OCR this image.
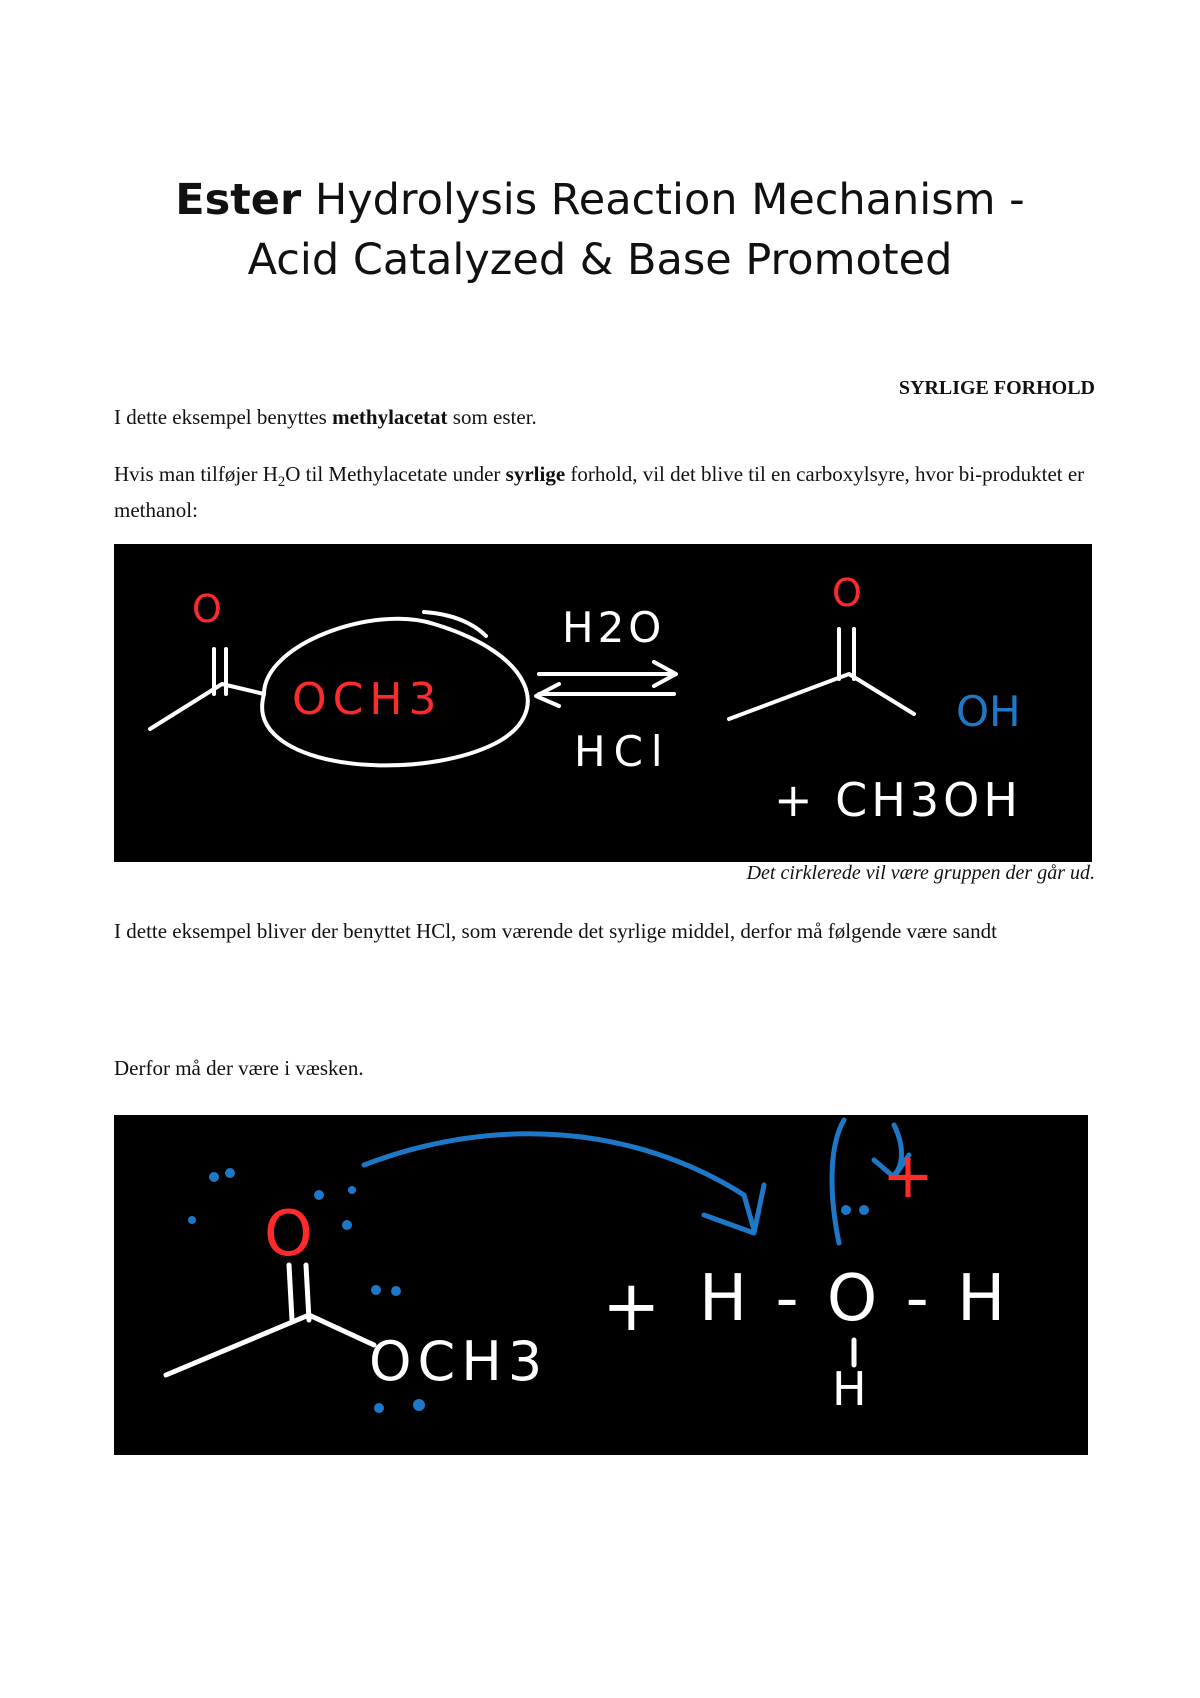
Ester Hydrolysis Reaction Mechanism -
Acid Catalyzed & Base Promoted
SYRLIGE FORHOLD
I dette eksempel benyttes methylacetat som ester.
Hvis man tilføjer $H_2O$ til Methylacetate under syrlige forhold, vil det blive til en carboxylsyre, hvor bi-produktet er methanol:
O
OCH3
H2O
HCl
O
OH
+ CH3OH
Det cirklerede vil være gruppen der går ud.
I dette eksempel bliver der benyttet HCl, som værende det syrlige middel, derfor må følgende være sandt
Derfor må der være i væsken.
O
OCH3
+ H - O - H
H
+
